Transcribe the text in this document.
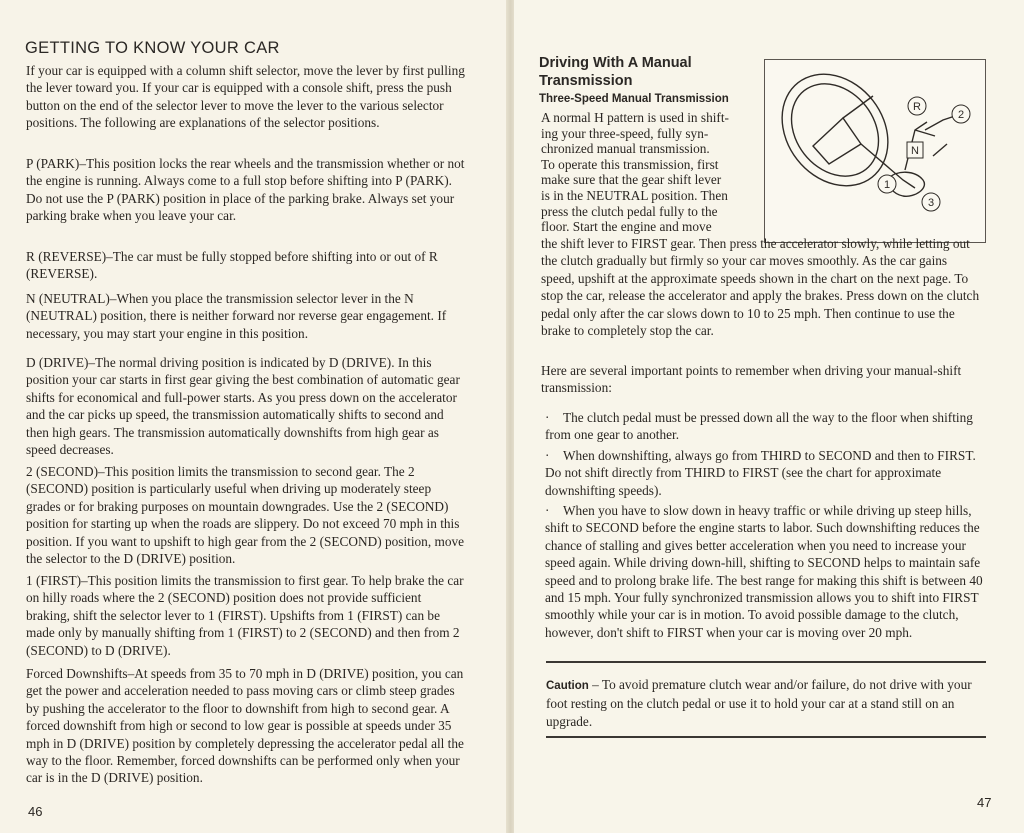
GETTING TO KNOW YOUR CAR

If your car is equipped with a column shift selector, move the lever by first pulling the lever toward you. If your car is equipped with a console shift, press the push button on the end of the selector lever to move the lever to the various selector positions. The following are explanations of the selector positions.

P (PARK)–This position locks the rear wheels and the transmission whether or not the engine is running. Always come to a full stop before shifting into P (PARK). Do not use the P (PARK) position in place of the parking brake. Always set your parking brake when you leave your car.

R (REVERSE)–The car must be fully stopped before shifting into or out of R (REVERSE).

N (NEUTRAL)–When you place the transmission selector lever in the N (NEUTRAL) position, there is neither forward nor reverse gear engagement. If necessary, you may start your engine in this position.

D (DRIVE)–The normal driving position is indicated by D (DRIVE). In this position your car starts in first gear giving the best combination of automatic gear shifts for economical and full-power starts. As you press down on the accelerator and the car picks up speed, the transmission automatically shifts to second and then high gears. The transmission automatically downshifts from high gear as speed decreases.

2 (SECOND)–This position limits the transmission to second gear. The 2 (SECOND) position is particularly useful when driving up moderately steep grades or for braking purposes on mountain downgrades. Use the 2 (SECOND) position for starting up when the roads are slippery. Do not exceed 70 mph in this position. If you want to upshift to high gear from the 2 (SECOND) position, move the selector to the D (DRIVE) position.

1 (FIRST)–This position limits the transmission to first gear. To help brake the car on hilly roads where the 2 (SECOND) position does not provide sufficient braking, shift the selector lever to 1 (FIRST). Upshifts from 1 (FIRST) can be made only by manually shifting from 1 (FIRST) to 2 (SECOND) and then from 2 (SECOND) to D (DRIVE).

Forced Downshifts–At speeds from 35 to 70 mph in D (DRIVE) position, you can get the power and acceleration needed to pass moving cars or climb steep grades by pushing the accelerator to the floor to downshift from high to second gear. A forced downshift from high or second to low gear is possible at speeds under 35 mph in D (DRIVE) position by completely depressing the accelerator pedal all the way to the floor. Remember, forced downshifts can be performed only when your car is in the D (DRIVE) position.

46
Driving With A Manual Transmission
Three-Speed Manual Transmission
A normal H pattern is used in shift-
ing your three-speed, fully syn-
chronized manual transmission.
To operate this transmission, first
make sure that the gear shift lever
is in the NEUTRAL position. Then
press the clutch pedal fully to the
floor. Start the engine and move
R
2
N
1
3

the shift lever to FIRST gear. Then press the accelerator slowly, while letting out the clutch gradually but firmly so your car moves smoothly. As the car gains speed, upshift at the approximate speeds shown in the chart on the next page. To stop the car, release the accelerator and apply the brakes. Press down on the clutch pedal only after the car slows down to 10 to 25 mph. Then continue to use the brake to completely stop the car.

Here are several important points to remember when driving your manual-shift transmission:

· The clutch pedal must be pressed down all the way to the floor when shifting from one gear to another.

· When downshifting, always go from THIRD to SECOND and then to FIRST. Do not shift directly from THIRD to FIRST (see the chart for approximate downshifting speeds).

· When you have to slow down in heavy traffic or while driving up steep hills, shift to SECOND before the engine starts to labor. Such downshifting reduces the chance of stalling and gives better acceleration when you need to increase your speed again. While driving down-hill, shifting to SECOND helps to maintain safe speed and to prolong brake life. The best range for making this shift is between 40 and 15 mph. Your fully synchronized transmission allows you to shift into FIRST smoothly while your car is in motion. To avoid possible damage to the clutch, however, don't shift to FIRST when your car is moving over 20 mph.

Caution – To avoid premature clutch wear and/or failure, do not drive with your foot resting on the clutch pedal or use it to hold your car at a stand still on an upgrade.

47
